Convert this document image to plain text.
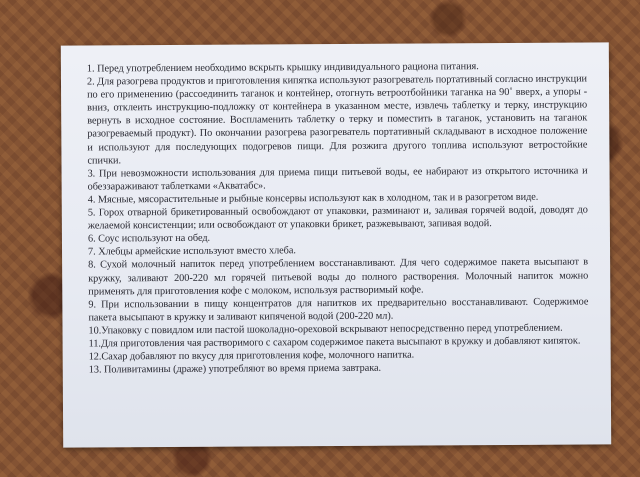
1. Перед употреблением необходимо вскрыть крышку индивидуального рациона питания.

2. Для разогрева продуктов и приготовления кипятка используют разогреватель портативный согласно инструкции по его применению (рассоединить таганок и контейнер, отогнуть ветроотбойники таганка на 90˚ вверх, а упоры - вниз, отклеить инструкцию-подложку от контейнера в указанном месте, извлечь таблетку и терку, инструкцию вернуть в исходное состояние. Воспламенить таблетку о терку и поместить в таганок, установить на таганок разогреваемый продукт). По окончании разогрева разогреватель портативный складывают в исходное положение и используют для последующих подогревов пищи. Для розжига другого топлива используют ветростойкие спички.

3. При невозможности использования для приема пищи питьевой воды, ее набирают из открытого источника и обеззараживают таблетками «Акватабс».

4. Мясные, мясорастительные и рыбные консервы используют как в холодном, так и в разогретом виде.

5. Горох отварной брикетированный освобождают от упаковки, разминают и, заливая горячей водой, доводят до желаемой консистенции; или освобождают от упаковки брикет, разжевывают, запивая водой.

6. Соус используют на обед.

7. Хлебцы армейские используют вместо хлеба.

8. Сухой молочный напиток перед употреблением восстанавливают. Для чего содержимое пакета высыпают в кружку, заливают 200-220 мл горячей питьевой воды до полного растворения. Молочный напиток можно применять для приготовления кофе с молоком, используя растворимый кофе.

9. При использовании в пищу концентратов для напитков их предварительно восстанавливают. Содержимое пакета высыпают в кружку и заливают кипяченой водой (200-220 мл).

10.Упаковку с повидлом или пастой шоколадно-ореховой вскрывают непосредственно перед употреблением.

11.Для приготовления чая растворимого с сахаром содержимое пакета высыпают в кружку и добавляют кипяток.

12.Сахар добавляют по вкусу для приготовления кофе, молочного напитка.

13. Поливитамины (драже) употребляют во время приема завтрака.
